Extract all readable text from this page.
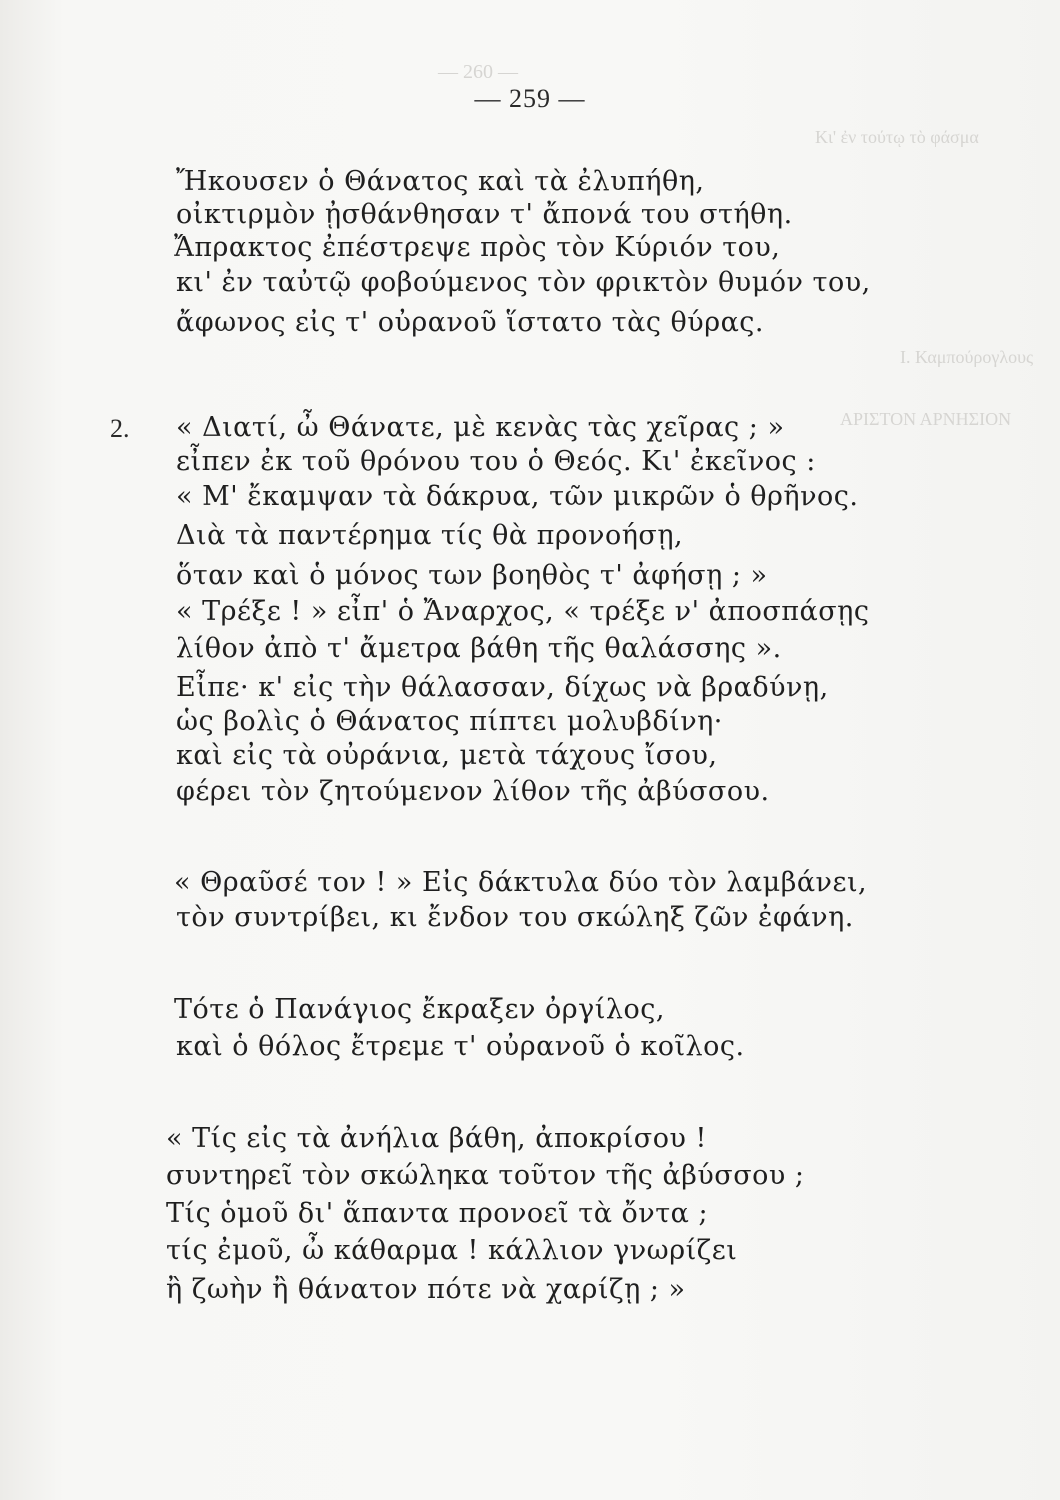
— 260 —
Κι' ἐν τούτῳ τὸ φάσμα
Ι. Καμπούρογλους
ΑΡΙΣΤΟΝ ΑΡΝΗΣΙΟΝ
— 259 —
Ἤκουσεν ὁ Θάνατος καὶ τὰ ἐλυπήθη,
οἰκτιρμὸν ᾐσθάνθησαν τ' ἄπονά του στήθη.
Ἄπρακτος ἐπέστρεψε πρὸς τὸν Κύριόν του,
κι' ἐν ταὐτῷ φοβούμενος τὸν φρικτὸν θυμόν του,
ἄφωνος εἰς τ' οὐρανοῦ ἵστατο τὰς θύρας.
2. « Διατί, ὦ Θάνατε, μὲ κενὰς τὰς χεῖρας ; »
εἶπεν ἐκ τοῦ θρόνου του ὁ Θεός. Κι' ἐκεῖνος :
« Μ' ἔκαμψαν τὰ δάκρυα, τῶν μικρῶν ὁ θρῆνος.
Διὰ τὰ παντέρημα τίς θὰ προνοήσῃ,
ὅταν καὶ ὁ μόνος των βοηθὸς τ' ἀφήσῃ ; »
« Τρέξε ! » εἶπ' ὁ Ἄναρχος, « τρέξε ν' ἀποσπάσῃς
λίθον ἀπὸ τ' ἄμετρα βάθη τῆς θαλάσσης ».
Εἶπε· κ' εἰς τὴν θάλασσαν, δίχως νὰ βραδύνῃ,
ὡς βολὶς ὁ Θάνατος πίπτει μολυβδίνη·
καὶ εἰς τὰ οὐράνια, μετὰ τάχους ἴσου,
φέρει τὸν ζητούμενον λίθον τῆς ἀβύσσου.
« Θραῦσέ τον ! » Εἰς δάκτυλα δύο τὸν λαμβάνει,
τὸν συντρίβει, κι ἔνδον του σκώληξ ζῶν ἐφάνη.
Τότε ὁ Πανάγιος ἔκραξεν ὀργίλος,
καὶ ὁ θόλος ἔτρεμε τ' οὐρανοῦ ὁ κοῖλος.
« Τίς εἰς τὰ ἀνήλια βάθη, ἀποκρίσου !
συντηρεῖ τὸν σκώληκα τοῦτον τῆς ἀβύσσου ;
Τίς ὁμοῦ δι' ἅπαντα προνοεῖ τὰ ὄντα ;
τίς ἐμοῦ, ὦ κάθαρμα ! κάλλιον γνωρίζει
ἢ ζωὴν ἢ θάνατον πότε νὰ χαρίζῃ ; »
